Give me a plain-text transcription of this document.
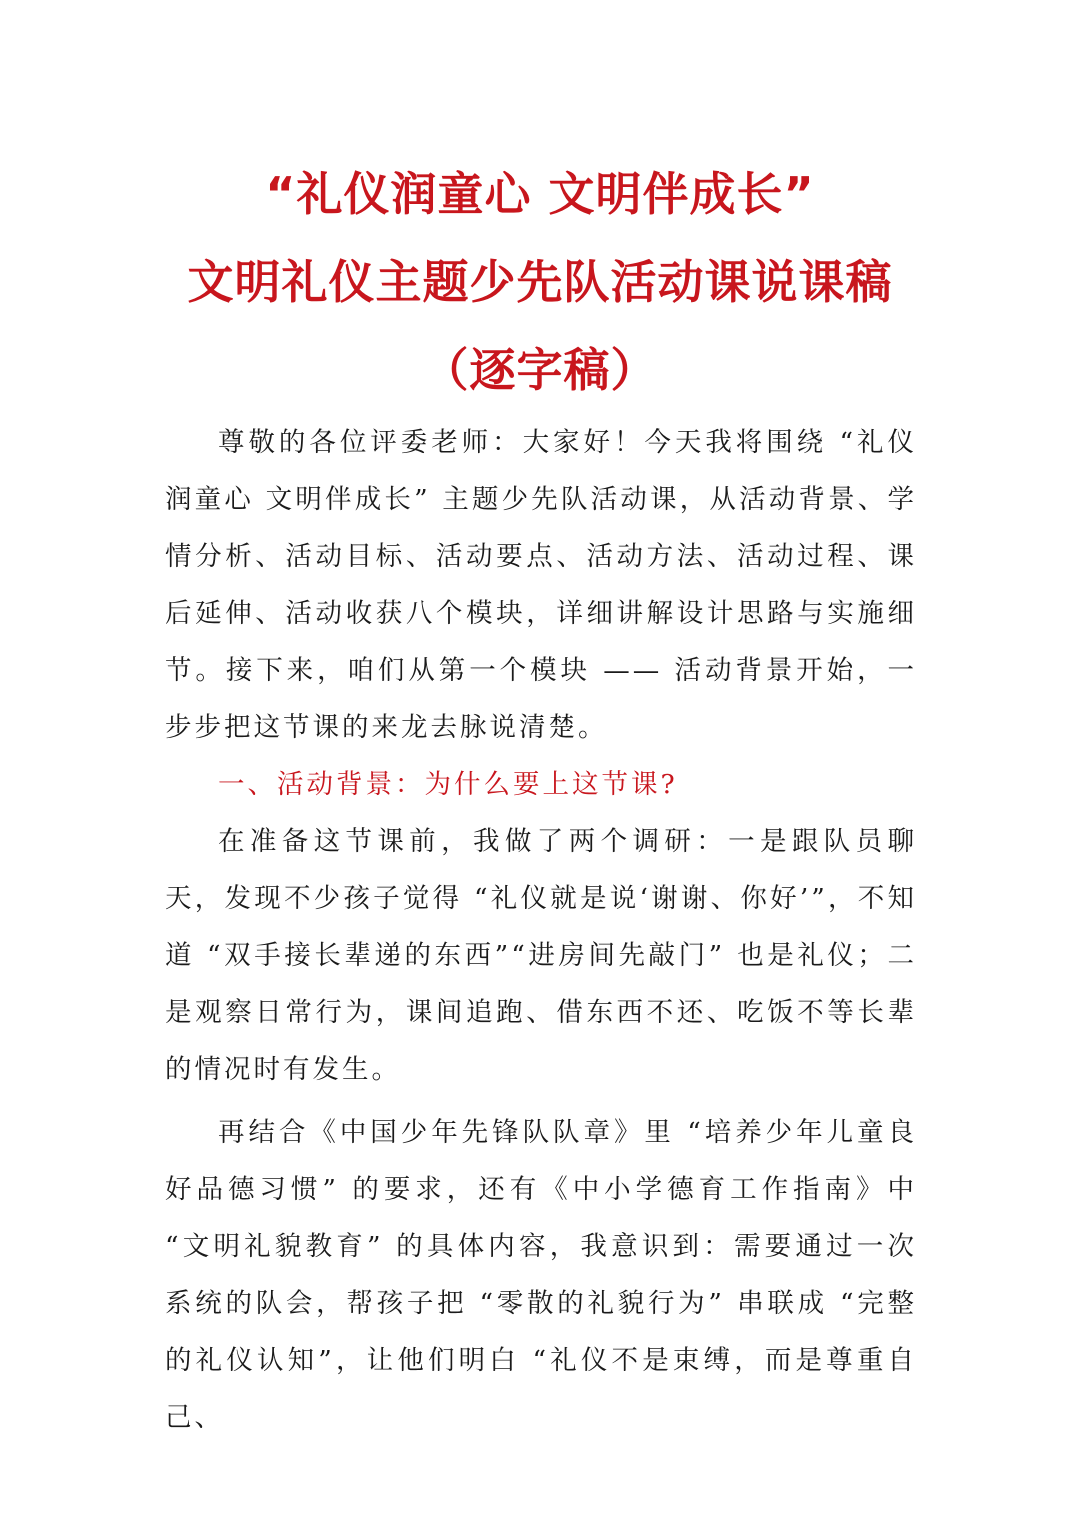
“礼仪润童心 文明伴成长”
文明礼仪主题少先队活动课说课稿
（逐字稿）

尊敬的各位评委老师：大家好！今天我将围绕 “礼仪润童心 文明伴成长” 主题少先队活动课，从活动背景、学情分析、活动目标、活动要点、活动方法、活动过程、课后延伸、活动收获八个模块，详细讲解设计思路与实施细节。接下来，咱们从第一个模块 —— 活动背景开始，一步步把这节课的来龙去脉说清楚。

一、活动背景：为什么要上这节课?

在准备这节课前，我做了两个调研：一是跟队员聊天，发现不少孩子觉得 “礼仪就是说‘谢谢、你好’”，不知道 “双手接长辈递的东西”“进房间先敲门” 也是礼仪；二是观察日常行为，课间追跑、借东西不还、吃饭不等长辈的情况时有发生。

再结合《中国少年先锋队队章》里 “培养少年儿童良好品德习惯” 的要求，还有《中小学德育工作指南》中 “文明礼貌教育” 的具体内容，我意识到：需要通过一次系统的队会，帮孩子把 “零散的礼貌行为” 串联成 “完整的礼仪认知”，让他们明白 “礼仪不是束缚，而是尊重自己、
